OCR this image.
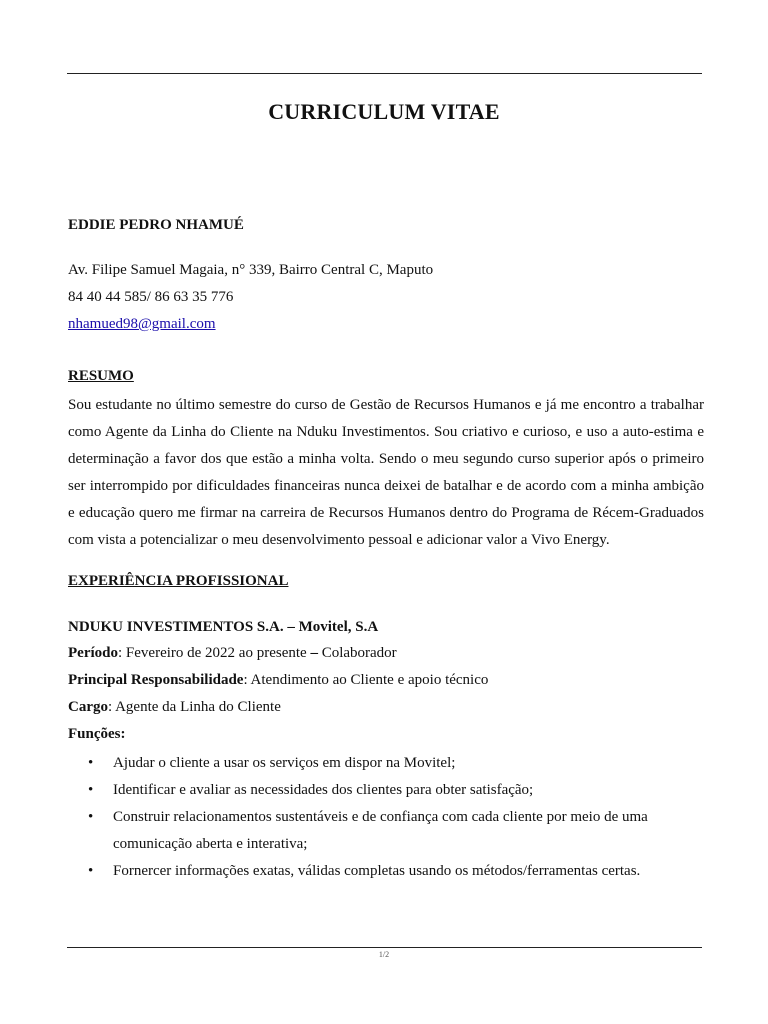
CURRICULUM VITAE
EDDIE PEDRO NHAMUÉ
Av. Filipe Samuel Magaia, n° 339, Bairro Central C, Maputo
84 40 44 585/ 86 63 35 776
nhamued98@gmail.com
RESUMO
Sou estudante no último semestre do curso de Gestão de Recursos Humanos e já me encontro a trabalhar
como Agente da Linha do Cliente na Nduku Investimentos. Sou criativo e curioso, e uso a auto-estima e
determinação a favor dos que estão a minha volta. Sendo o meu segundo curso superior após o primeiro
ser interrompido por dificuldades financeiras nunca deixei de batalhar e de acordo com a minha ambição
e educação quero me firmar na carreira de Recursos Humanos dentro do Programa de Récem-Graduados
com vista a potencializar o meu desenvolvimento pessoal e adicionar valor a Vivo Energy.
EXPERIÊNCIA PROFISSIONAL
NDUKU INVESTIMENTOS S.A. – Movitel, S.A
Período: Fevereiro de 2022 ao presente – Colaborador
Principal Responsabilidade: Atendimento ao Cliente e apoio técnico
Cargo: Agente da Linha do Cliente
Funções:
• Ajudar o cliente a usar os serviços em dispor na Movitel;
• Identificar e avaliar as necessidades dos clientes para obter satisfação;
• Construir relacionamentos sustentáveis e de confiança com cada cliente por meio de uma
comunicação aberta e interativa;
• Fornercer informações exatas, válidas completas usando os métodos/ferramentas certas.
1/2
